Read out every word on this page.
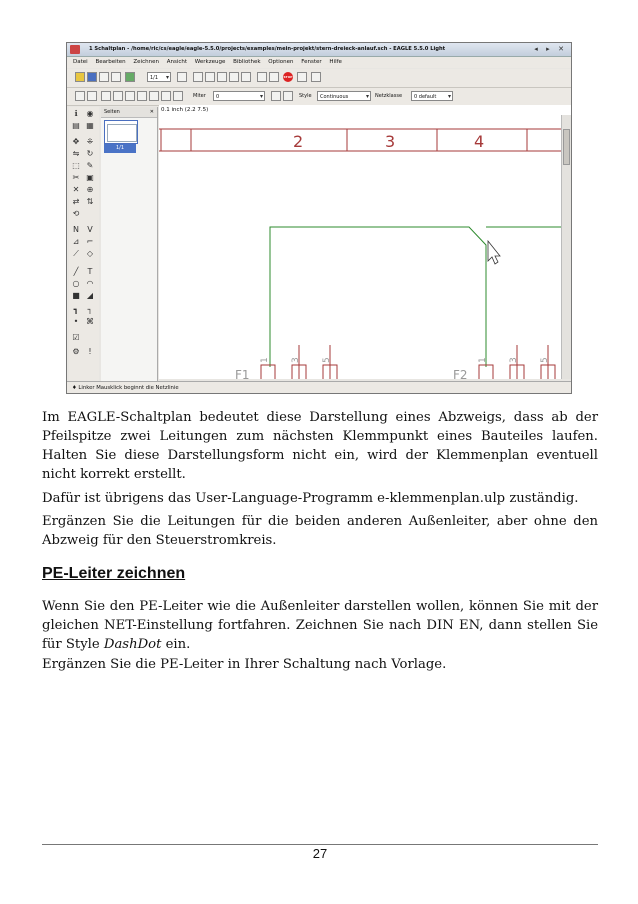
1 Schaltplan - /home/ric/cs/eagle/eagle-5.5.0/projects/examples/mein-projekt/stern-dreieck-anlauf.sch - EAGLE 5.5.0 Light	◂ ▸ ✕
Datei Bearbeiten Zeichnen Ansicht Werkzeuge Bibliothek Optionen Fenster Hilfe
1/1 ▾	STOP
Miter	0 ▾	Style	Continuous ▾	Netzklasse	0 default ▾
ℹ	◉
▤ ▦
✥ ⁜
⇋ ↻
⬚ ✎
✂ ▣
✕ ⊕
⇄ ⇅
⟲
N V
⊿ ⌐
⟋ ◇
╱	T
○ ◠
■ ◢
┓	┐
• ⌘
☑
⚙	!
Seiten	✕
1/1
0.1 inch (2.2 7.5)
2	3	4
F1
1 3 5
F2
1 3 5
♦ Linker Mausklick beginnt die Netzlinie

Im EAGLE-Schaltplan bedeutet diese Darstellung eines Abzweigs, dass ab der Pfeilspitze zwei Leitungen zum nächsten Klemmpunkt eines Bauteiles laufen. Halten Sie diese Darstellungsform nicht ein, wird der Klemmenplan eventuell nicht korrekt erstellt.

Dafür ist übrigens das User-Language-Programm e-klemmenplan.ulp zuständig.

Ergänzen Sie die Leitungen für die beiden anderen Außenleiter, aber ohne den Abzweig für den Steuerstromkreis.

PE-Leiter zeichnen

Wenn Sie den PE-Leiter wie die Außenleiter darstellen wollen, können Sie mit der gleichen NET-Einstellung fortfahren. Zeichnen Sie nach DIN EN, dann stellen Sie für Style DashDot ein.

Ergänzen Sie die PE-Leiter in Ihrer Schaltung nach Vorlage.

27
